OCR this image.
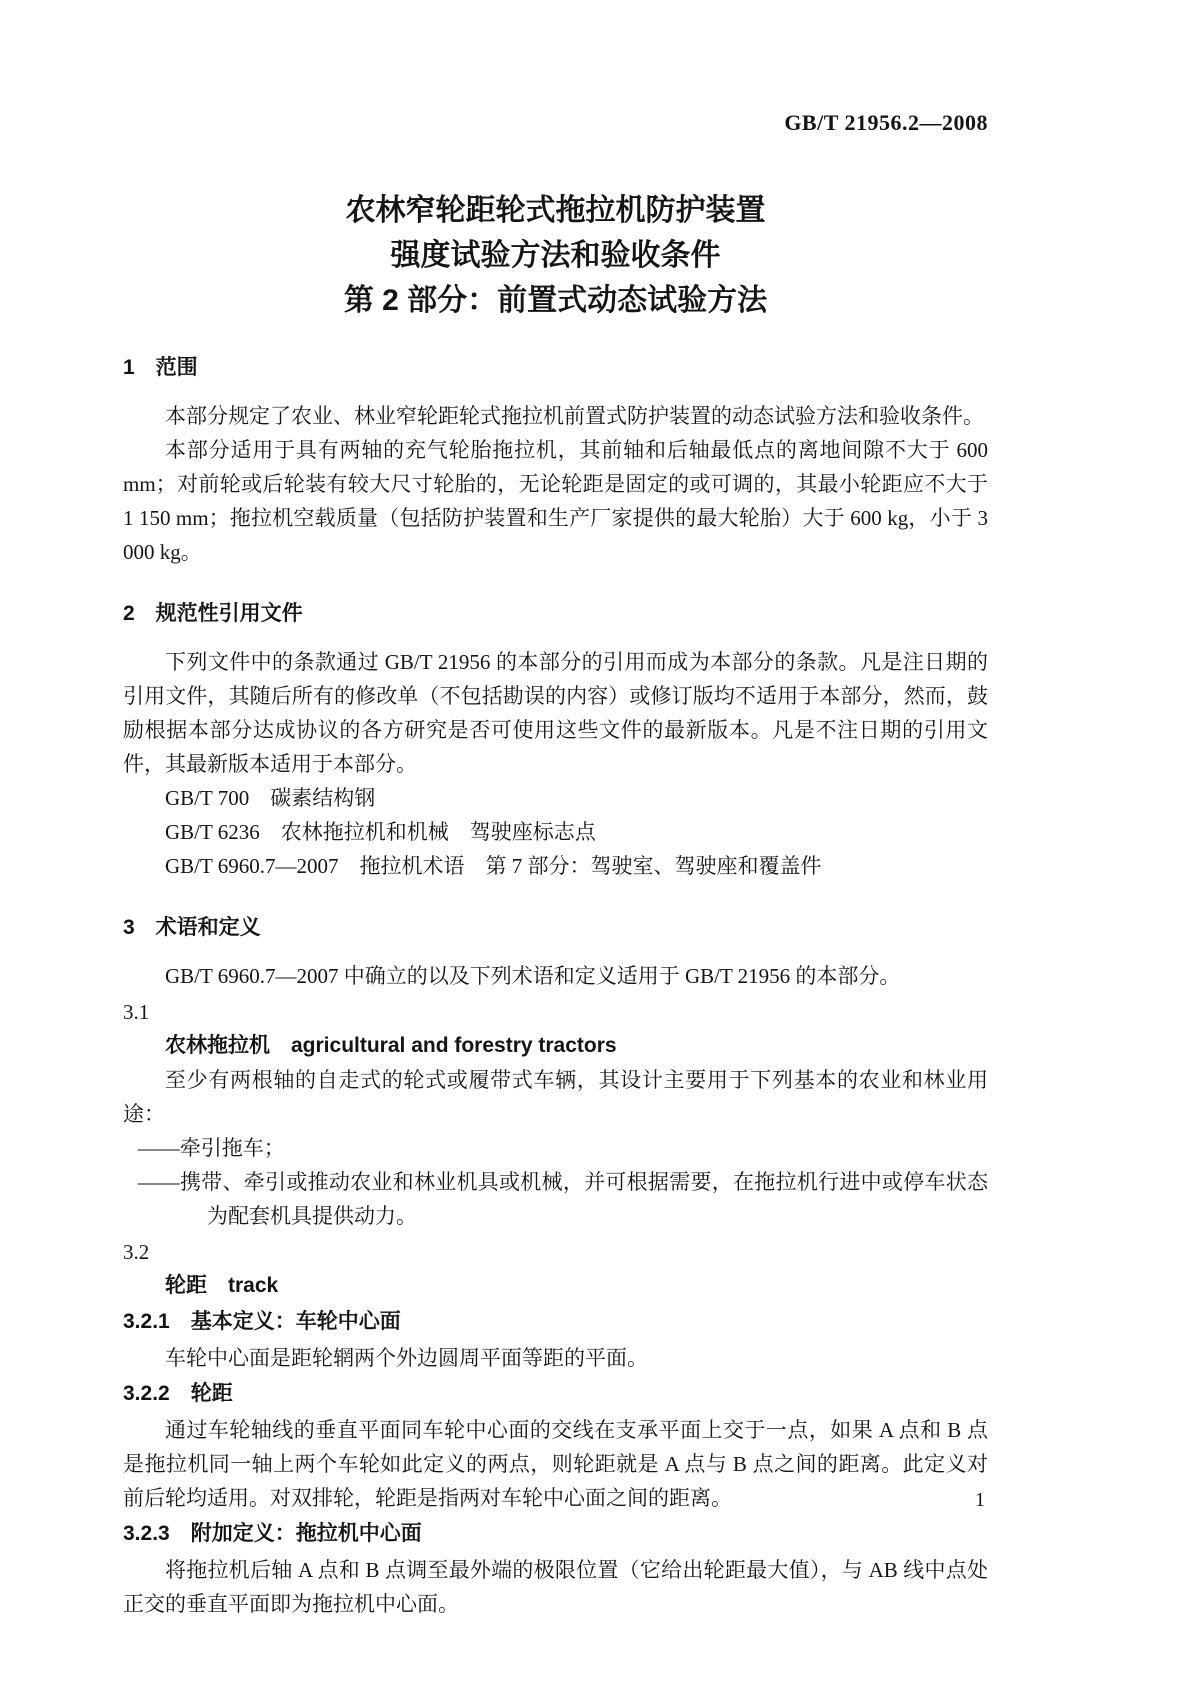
GB/T 21956.2—2008
农林窄轮距轮式拖拉机防护装置
强度试验方法和验收条件
第 2 部分：前置式动态试验方法
1　范围
本部分规定了农业、林业窄轮距轮式拖拉机前置式防护装置的动态试验方法和验收条件。
本部分适用于具有两轴的充气轮胎拖拉机，其前轴和后轴最低点的离地间隙不大于 600 mm；对前轮或后轮装有较大尺寸轮胎的，无论轮距是固定的或可调的，其最小轮距应不大于 1 150 mm；拖拉机空载质量（包括防护装置和生产厂家提供的最大轮胎）大于 600 kg，小于 3 000 kg。
2　规范性引用文件
下列文件中的条款通过 GB/T 21956 的本部分的引用而成为本部分的条款。凡是注日期的引用文件，其随后所有的修改单（不包括勘误的内容）或修订版均不适用于本部分，然而，鼓励根据本部分达成协议的各方研究是否可使用这些文件的最新版本。凡是不注日期的引用文件，其最新版本适用于本部分。
GB/T 700　碳素结构钢
GB/T 6236　农林拖拉机和机械　驾驶座标志点
GB/T 6960.7—2007　拖拉机术语　第 7 部分：驾驶室、驾驶座和覆盖件
3　术语和定义
GB/T 6960.7—2007 中确立的以及下列术语和定义适用于 GB/T 21956 的本部分。
3.1
农林拖拉机　agricultural and forestry tractors
至少有两根轴的自走式的轮式或履带式车辆，其设计主要用于下列基本的农业和林业用途：
——牵引拖车；
——携带、牵引或推动农业和林业机具或机械，并可根据需要，在拖拉机行进中或停车状态为配套机具提供动力。
3.2
轮距　track
3.2.1　基本定义：车轮中心面
车轮中心面是距轮辋两个外边圆周平面等距的平面。
3.2.2　轮距
通过车轮轴线的垂直平面同车轮中心面的交线在支承平面上交于一点，如果 A 点和 B 点是拖拉机同一轴上两个车轮如此定义的两点，则轮距就是 A 点与 B 点之间的距离。此定义对前后轮均适用。对双排轮，轮距是指两对车轮中心面之间的距离。
3.2.3　附加定义：拖拉机中心面
将拖拉机后轴 A 点和 B 点调至最外端的极限位置（它给出轮距最大值），与 AB 线中点处正交的垂直平面即为拖拉机中心面。
1
